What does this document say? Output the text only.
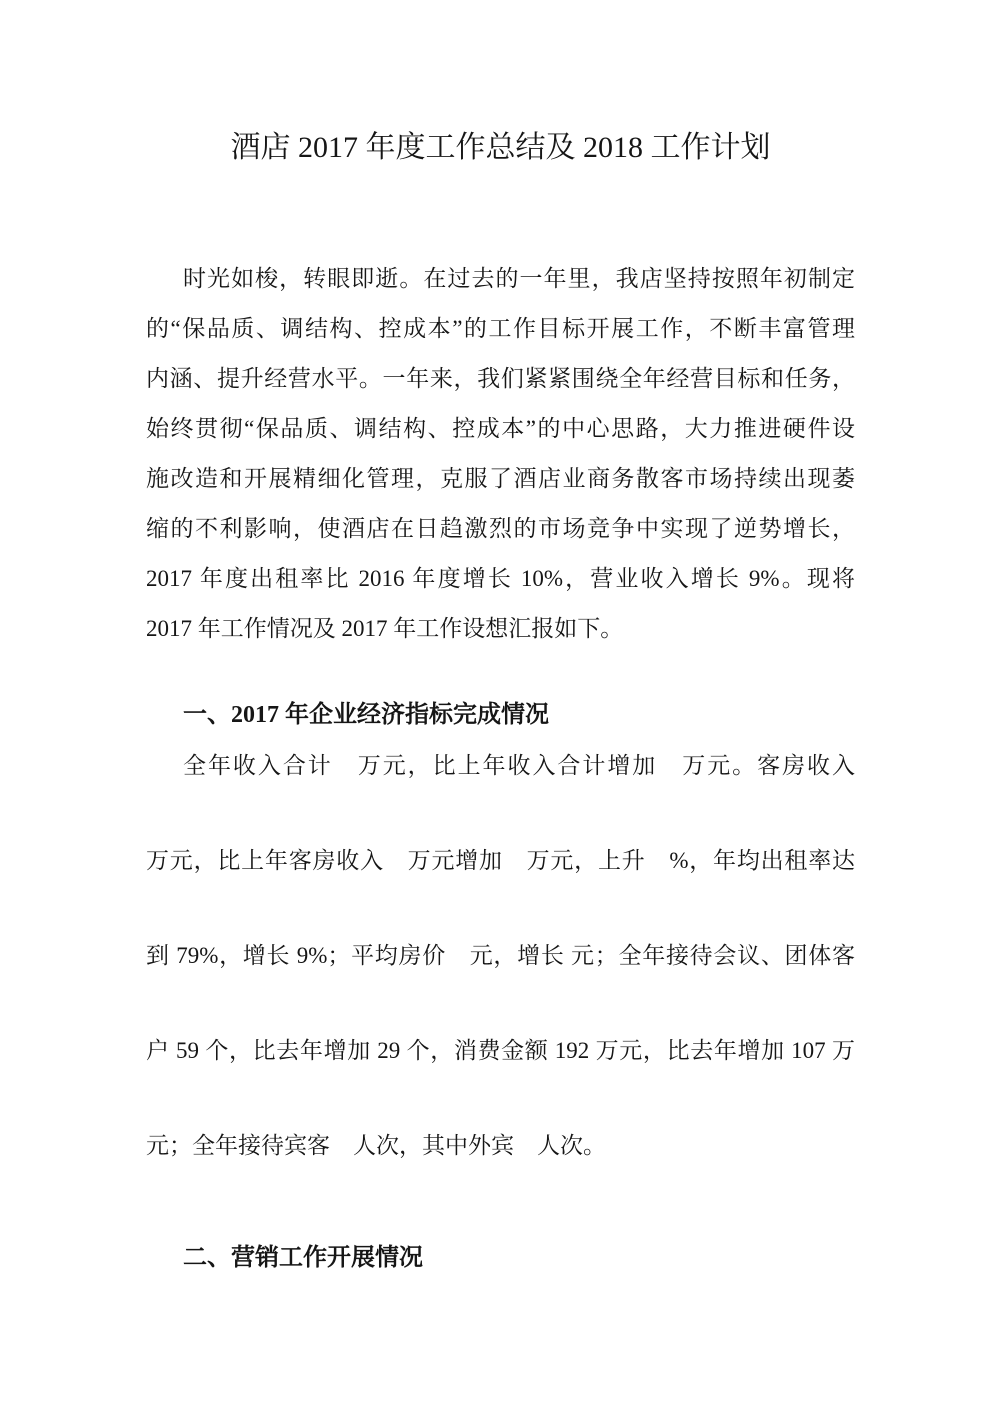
酒店 2017 年度工作总结及 2018 工作计划
时光如梭，转眼即逝。在过去的一年里，我店坚持按照年初制定
的“保品质、调结构、控成本”的工作目标开展工作，不断丰富管理
内涵、提升经营水平。一年来，我们紧紧围绕全年经营目标和任务，
始终贯彻“保品质、调结构、控成本”的中心思路，大力推进硬件设
施改造和开展精细化管理，克服了酒店业商务散客市场持续出现萎
缩的不利影响，使酒店在日趋激烈的市场竞争中实现了逆势增长，
2017 年度出租率比 2016 年度增长 10%，营业收入增长 9%。现将
2017 年工作情况及 2017 年工作设想汇报如下。
一、2017 年企业经济指标完成情况
全年收入合计　万元，比上年收入合计增加　万元。客房收入
万元，比上年客房收入　万元增加　万元，上升　%，年均出租率达
到 79%，增长 9%；平均房价　元，增长 元；全年接待会议、团体客
户 59 个，比去年增加 29 个，消费金额 192 万元，比去年增加 107 万
元；全年接待宾客　人次，其中外宾　人次。
二、营销工作开展情况
